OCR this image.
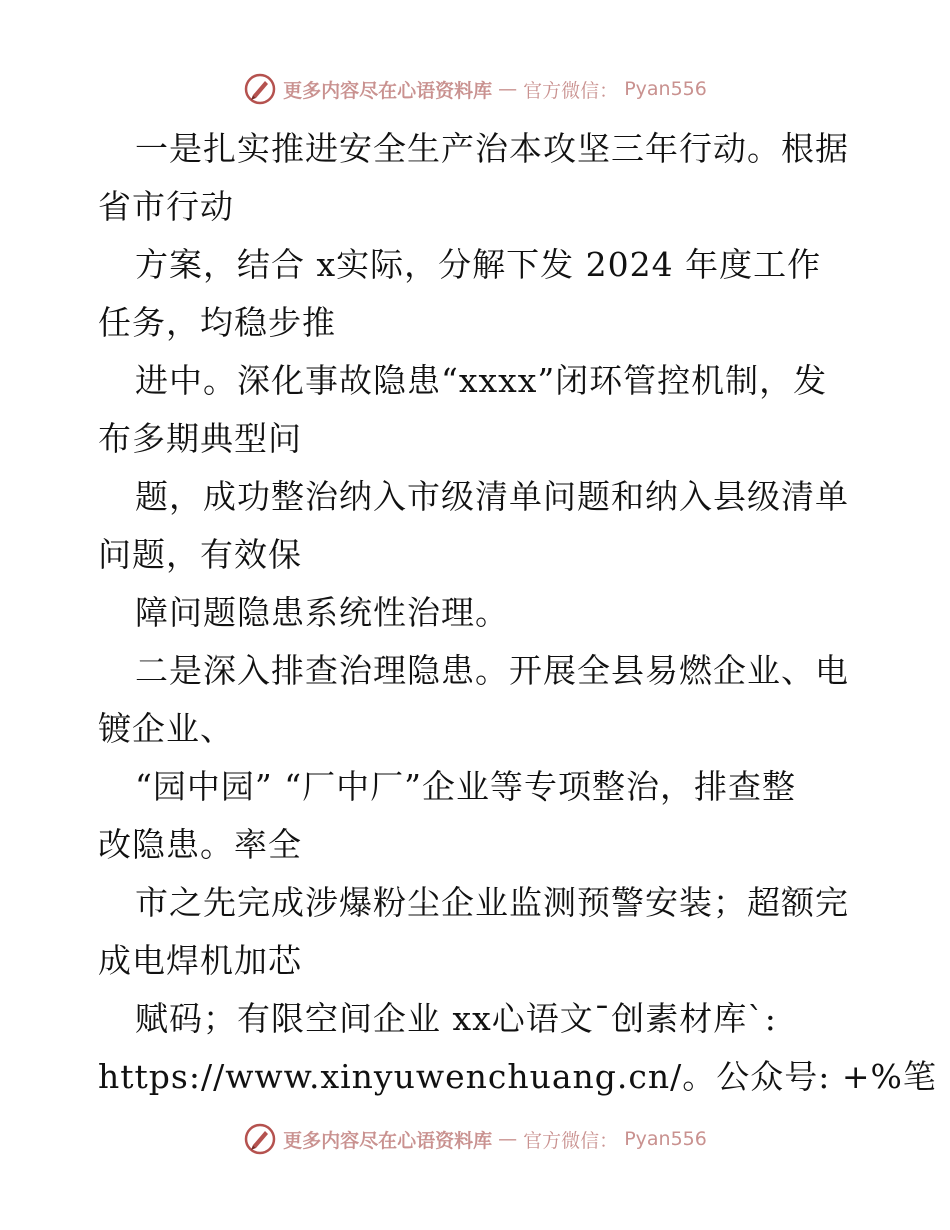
更多内容尽在心语资料库 — 官方微信： Pyan556
一是扎实推进安全生产治本攻坚三年行动。根据
省市行动
方案，结合 x实际，分解下发 2024 年度工作
任务，均稳步推
进中。深化事故隐患“xxxx”闭环管控机制，发
布多期典型问
题，成功整治纳入市级清单问题和纳入县级清单
问题，有效保
障问题隐患系统性治理。
二是深入排查治理隐患。开展全县易燃企业、电
镀企业、
“园中园” “厂中厂”企业等专项整治，排查整
改隐患。率全
市之先完成涉爆粉尘企业监测预警安装；超额完
成电焊机加芯
赋码；有限空间企业 xx心语文¯创素材库`:
https://www.xinyuwenchuang.cn/。公众号: +%笔
更多内容尽在心语资料库 — 官方微信： Pyan556
